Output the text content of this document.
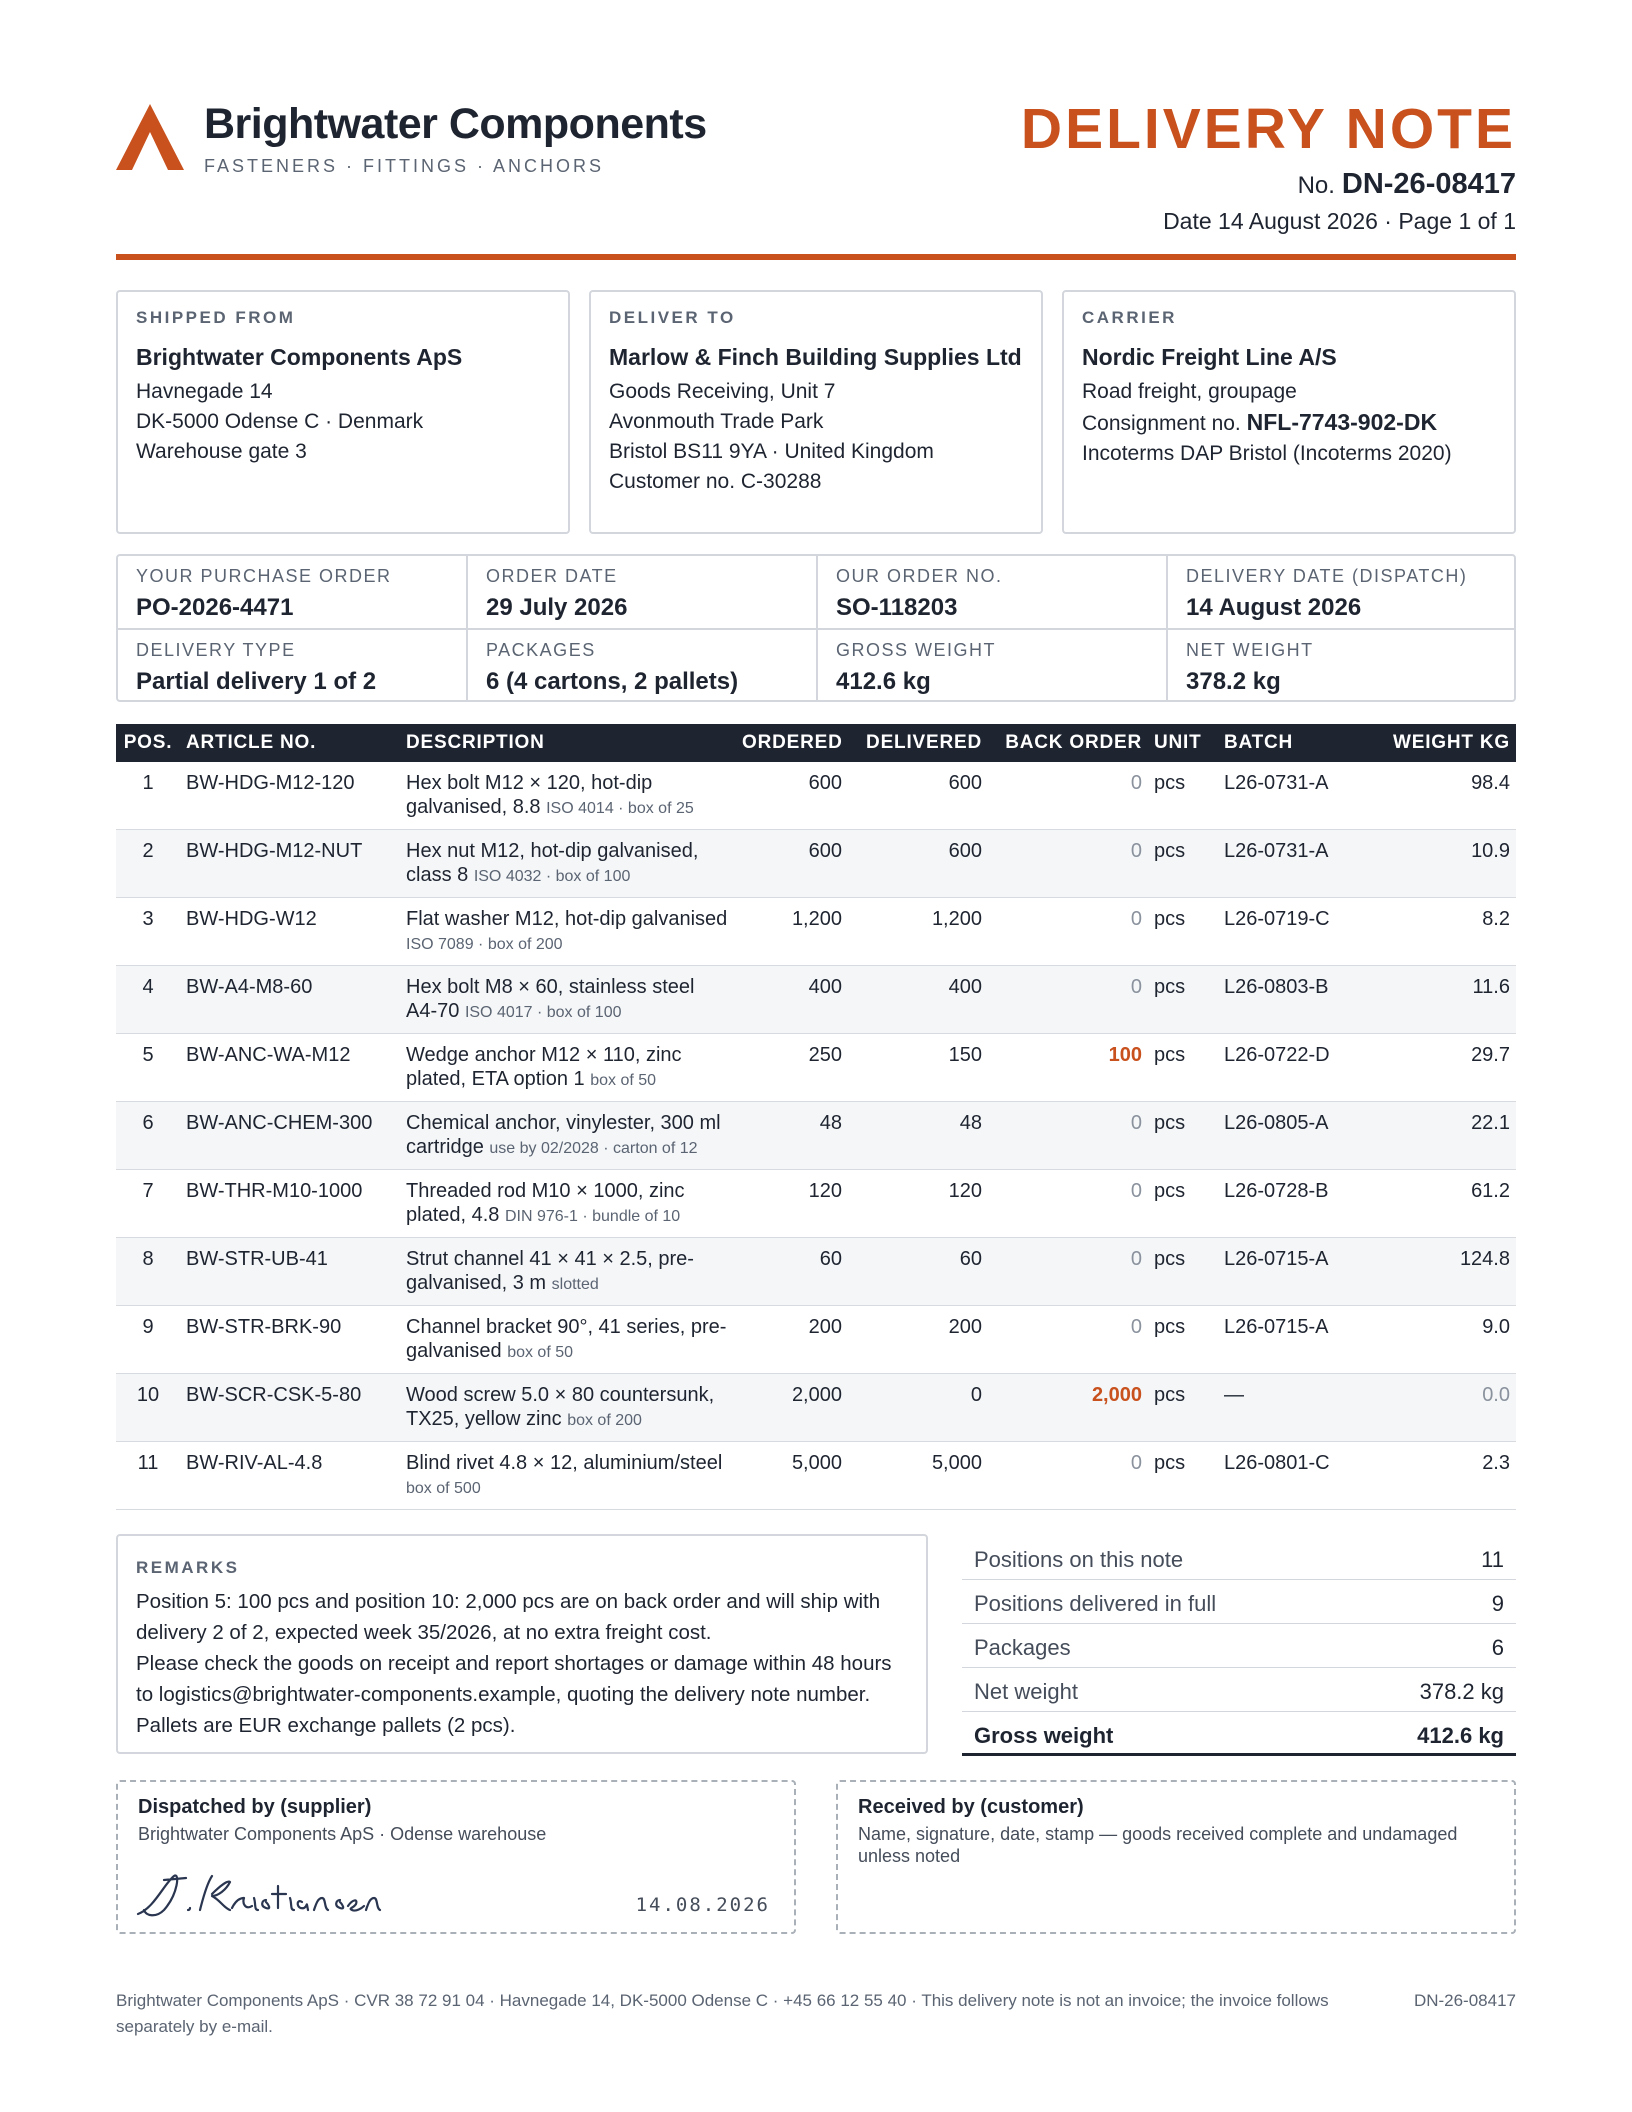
Brightwater Components
FASTENERS · FITTINGS · ANCHORS
DELIVERY NOTE
No. DN-26-08417
Date 14 August 2026 · Page 1 of 1
SHIPPED FROM
Brightwater Components ApS
Havnegade 14
DK-5000 Odense C · Denmark
Warehouse gate 3
DELIVER TO
Marlow & Finch Building Supplies Ltd
Goods Receiving, Unit 7
Avonmouth Trade Park
Bristol BS11 9YA · United Kingdom
Customer no. C-30288
CARRIER
Nordic Freight Line A/S
Road freight, groupage
Consignment no. NFL-7743-902-DK
Incoterms DAP Bristol (Incoterms 2020)
YOUR PURCHASE ORDER
PO-2026-4471
ORDER DATE
29 July 2026
OUR ORDER NO.
SO-118203
DELIVERY DATE (DISPATCH)
14 August 2026
DELIVERY TYPE
Partial delivery 1 of 2
PACKAGES
6 (4 cartons, 2 pallets)
GROSS WEIGHT
412.6 kg
NET WEIGHT
378.2 kg
POS.	ARTICLE NO.	DESCRIPTION	ORDERED	DELIVERED	BACK ORDER	UNIT	BATCH	WEIGHT KG
1	BW-HDG-M12-120	Hex bolt M12 × 120, hot-dip galvanised, 8.8 ISO 4014 · box of 25	600	600	0	pcs	L26-0731-A	98.4
2	BW-HDG-M12-NUT	Hex nut M12, hot-dip galvanised, class 8 ISO 4032 · box of 100	600	600	0	pcs	L26-0731-A	10.9
3	BW-HDG-W12	Flat washer M12, hot-dip galvanised ISO 7089 · box of 200	1,200	1,200	0	pcs	L26-0719-C	8.2
4	BW-A4-M8-60	Hex bolt M8 × 60, stainless steel A4-70 ISO 4017 · box of 100	400	400	0	pcs	L26-0803-B	11.6
5	BW-ANC-WA-M12	Wedge anchor M12 × 110, zinc plated, ETA option 1 box of 50	250	150	100	pcs	L26-0722-D	29.7
6	BW-ANC-CHEM-300	Chemical anchor, vinylester, 300 ml cartridge use by 02/2028 · carton of 12	48	48	0	pcs	L26-0805-A	22.1
7	BW-THR-M10-1000	Threaded rod M10 × 1000, zinc plated, 4.8 DIN 976-1 · bundle of 10	120	120	0	pcs	L26-0728-B	61.2
8	BW-STR-UB-41	Strut channel 41 × 41 × 2.5, pre-galvanised, 3 m slotted	60	60	0	pcs	L26-0715-A	124.8
9	BW-STR-BRK-90	Channel bracket 90°, 41 series, pre-galvanised box of 50	200	200	0	pcs	L26-0715-A	9.0
10	BW-SCR-CSK-5-80	Wood screw 5.0 × 80 countersunk, TX25, yellow zinc box of 200	2,000	0	2,000	pcs	—	0.0
11	BW-RIV-AL-4.8	Blind rivet 4.8 × 12, aluminium/steel box of 500	5,000	5,000	0	pcs	L26-0801-C	2.3
REMARKS

Position 5: 100 pcs and position 10: 2,000 pcs are on back order and will ship with delivery 2 of 2, expected week 35/2026, at no extra freight cost.

Please check the goods on receipt and report shortages or damage within 48 hours to logistics@brightwater-components.example, quoting the delivery note number. Pallets are EUR exchange pallets (2 pcs).

Positions on this note	11
Positions delivered in full	9
Packages	6
Net weight	378.2 kg
Gross weight	412.6 kg
Dispatched by (supplier)
Brightwater Components ApS · Odense warehouse
14.08.2026
Received by (customer)
Name, signature, date, stamp — goods received complete and undamaged unless noted
Brightwater Components ApS · CVR 38 72 91 04 · Havnegade 14, DK-5000 Odense C · +45 66 12 55 40 · This delivery note is not an invoice; the invoice follows separately by e-mail.
DN-26-08417
